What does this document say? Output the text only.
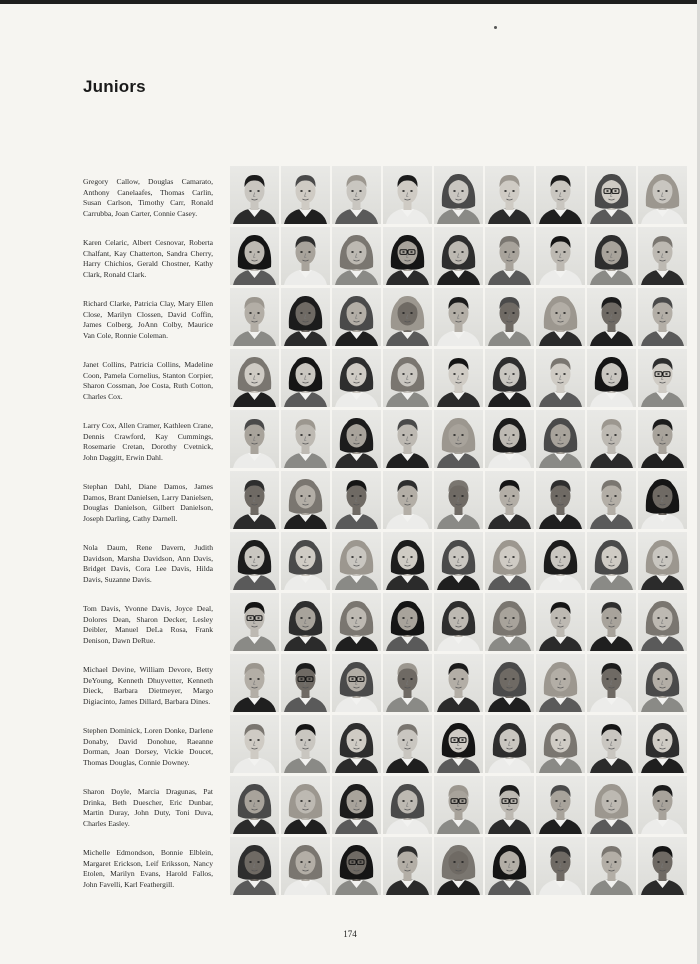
Juniors

Gregory Callow, Douglas Camarato, Anthony Canelaafes, Thomas Carlin, Susan Carlson, Timothy Carr, Ronald Carrubba, Joan Carter, Connie Casey.

Karen Celaric, Albert Cesnovar, Roberta Chalfant, Kay Chatterton, Sandra Cherry, Harry Chichios, Gerald Chostner, Kathy Clark, Ronald Clark.

Richard Clarke, Patricia Clay, Mary Ellen Close, Marilyn Clossen, David Coffin, James Colberg, JoAnn Colby, Maurice Van Cole, Ronnie Coleman.

Janet Collins, Patricia Collins, Madeline Coon, Pamela Cornelius, Stanton Corpier, Sharon Cossman, Joe Costa, Ruth Cotton, Charles Cox.

Larry Cox, Allen Cramer, Kathleen Crane, Dennis Crawford, Kay Cummings, Rosemarie Cretan, Dorothy Cvetnick, John Daggitt, Erwin Dahl.

Stephan Dahl, Diane Damos, James Damos, Brant Danielsen, Larry Danielsen, Douglas Danielson, Gilbert Danielson, Joseph Darling, Cathy Darnell.

Nola Daum, Rene Davern, Judith Davidson, Marsha Davidson, Ann Davis, Bridget Davis, Cora Lee Davis, Hilda Davis, Suzanne Davis.

Tom Davis, Yvonne Davis, Joyce Deal, Dolores Dean, Sharon Decker, Lesley Deibler, Manuel DeLa Rosa, Frank Denison, Dawn DeRue.

Michael Devine, William Devore, Betty DeYoung, Kenneth Dhuyvetter, Kenneth Dieck, Barbara Dietmeyer, Margo Digiacinto, James Dillard, Barbara Dines.

Stephen Dominick, Loren Donke, Darlene Donaby, David Donohue, Raeanne Dorman, Joan Dorsey, Vickie Doucet, Thomas Douglas, Connie Downey.

Sharon Doyle, Marcia Dragunas, Pat Drinka, Beth Duescher, Eric Dunbar, Martin Duray, John Duty, Toni Duva, Charles Easley.

Michelle Edmondson, Bonnie Elblein, Margaret Erickson, Leif Eriksson, Nancy Etolen, Marilyn Evans, Harold Fallos, John Favelli, Karl Feathergill.

174
